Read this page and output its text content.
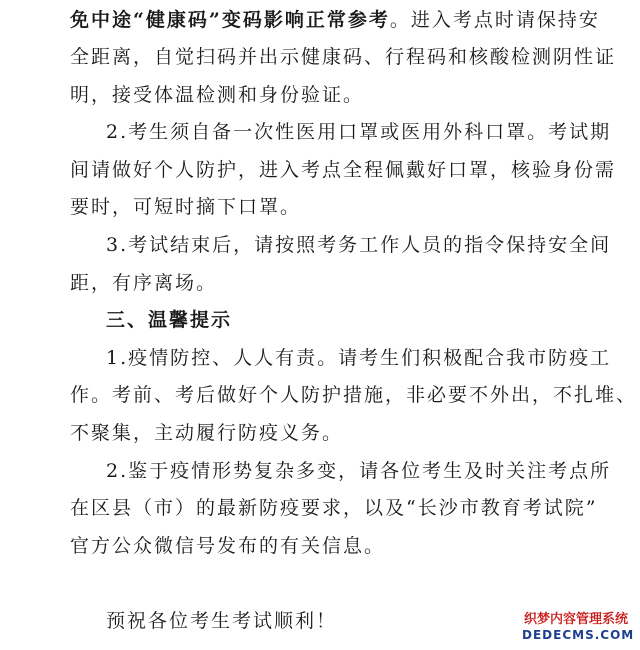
免中途“健康码”变码影响正常参考。进入考点时请保持安
全距离，自觉扫码并出示健康码、行程码和核酸检测阴性证
明，接受体温检测和身份验证。
2.考生须自备一次性医用口罩或医用外科口罩。考试期
间请做好个人防护，进入考点全程佩戴好口罩，核验身份需
要时，可短时摘下口罩。
3.考试结束后，请按照考务工作人员的指令保持安全间
距，有序离场。
三、温馨提示
1.疫情防控、人人有责。请考生们积极配合我市防疫工
作。考前、考后做好个人防护措施，非必要不外出，不扎堆、
不聚集，主动履行防疫义务。
2.鉴于疫情形势复杂多变，请各位考生及时关注考点所
在区县（市）的最新防疫要求，以及“长沙市教育考试院”
官方公众微信号发布的有关信息。
预祝各位考生考试顺利！	织梦内容管理系统
DEDECMS.COM
